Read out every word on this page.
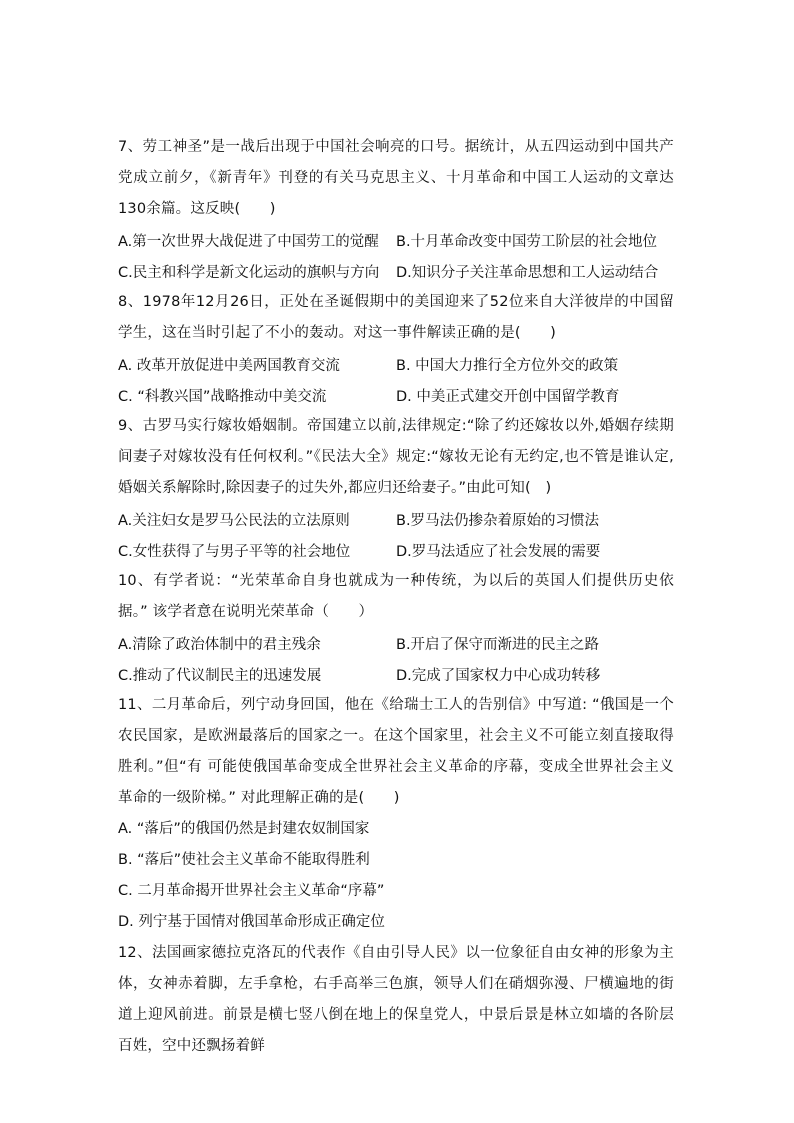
7、劳工神圣”是一战后出现于中国社会响亮的口号。据统计，从五四运动到中国共产党成立前夕，《新青年》刊登的有关马克思主义、十月革命和中国工人运动的文章达130余篇。这反映(　　)

A.第一次世界大战促进了中国劳工的觉醒	B.十月革命改变中国劳工阶层的社会地位
C.民主和科学是新文化运动的旗帜与方向	D.知识分子关注革命思想和工人运动结合

8、1978年12月26日，正处在圣诞假期中的美国迎来了52位来自大洋彼岸的中国留学生，这在当时引起了不小的轰动。对这一事件解读正确的是(　　)

A. 改革开放促进中美两国教育交流	B. 中国大力推行全方位外交的政策
C. “科教兴国”战略推动中美交流	D. 中美正式建交开创中国留学教育

9、古罗马实行嫁妆婚姻制。帝国建立以前,法律规定:“除了约还嫁妆以外,婚姻存续期间妻子对嫁妆没有任何权利。”《民法大全》规定:“嫁妆无论有无约定,也不管是谁认定,婚姻关系解除时,除因妻子的过失外,都应归还给妻子。”由此可知(　)

A.关注妇女是罗马公民法的立法原则	B.罗马法仍掺杂着原始的习惯法
C.女性获得了与男子平等的社会地位	D.罗马法适应了社会发展的需要

10、有学者说：“光荣革命自身也就成为一种传统，为以后的英国人们提供历史依据。” 该学者意在说明光荣革命（　　）

A.清除了政治体制中的君主残余	B.开启了保守而渐进的民主之路
C.推动了代议制民主的迅速发展	D.完成了国家权力中心成功转移

11、二月革命后，列宁动身回国，他在《给瑞士工人的告别信》中写道: “俄国是一个农民国家，是欧洲最落后的国家之一。在这个国家里，社会主义不可能立刻直接取得胜利。”但“有 可能使俄国革命变成全世界社会主义革命的序幕，变成全世界社会主义革命的一级阶梯。” 对此理解正确的是(　　)

A. “落后”的俄国仍然是封建农奴制国家
B. “落后”使社会主义革命不能取得胜利
C. 二月革命揭开世界社会主义革命“序幕”
D. 列宁基于国情对俄国革命形成正确定位

12、法国画家德拉克洛瓦的代表作《自由引导人民》以一位象征自由女神的形象为主体，女神赤着脚，左手拿枪，右手高举三色旗，领导人们在硝烟弥漫、尸横遍地的街道上迎风前进。前景是横七竖八倒在地上的保皇党人，中景后景是林立如墙的各阶层百姓，空中还飘扬着鲜
